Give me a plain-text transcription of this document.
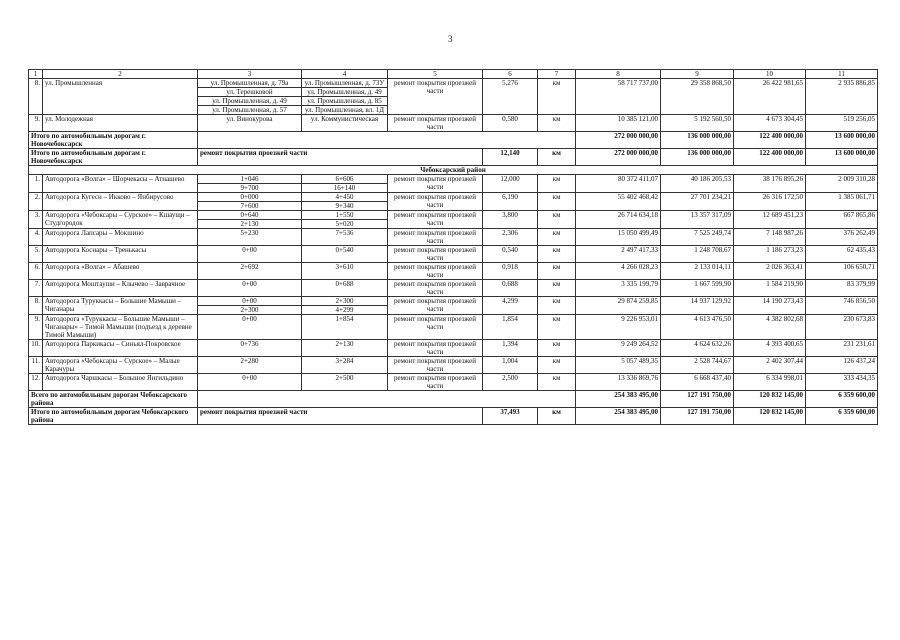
3
1	2	3	4	5	6	7	8	9	10	11
8.	ул. Промышленная	ул. Промышленная, д. 79а	ул. Промышленная, д. 73У	ремонт покрытия проезжей части	5,276	км	58 717 737,00	29 358 868,50	26 422 981,65	2 935 886,85
		ул. Терешковой	ул. Промышленная, д. 49							
		ул. Промышленная, д. 49	ул. Промышленная, д. 85							
		ул. Промышленная, д. 57	ул. Промышленная, вл. 1Д							
9.	ул. Молодежная	ул. Винокурова	ул. Коммунистическая	ремонт покрытия проезжей части	0,580	км	10 385 121,00	5 192 560,50	4 673 304,45	519 256,05
Итого по автомобильным дорогам г. Новочебоксарск							272 000 000,00	136 000 000,00	122 400 000,00	13 600 000,00
Итого по автомобильным дорогам г. Новочебоксарск		ремонт покрытия проезжей части			12,140	км	272 000 000,00	136 000 000,00	122 400 000,00	13 600 000,00
Чебоксарский район										
1.	Автодорога «Волга» – Шорчекасы – Атнашево	1+046	6+606	ремонт покрытия проезжей части	12,000	км	80 372 411,07	40 186 205,53	38 176 895,26	2 009 310,28
		9+700	16+140							
2.	Автодорога Кугеси – Икково – Янбирусово	0+000	4+450	ремонт покрытия проезжей части	6,190	км	55 402 468,42	27 701 234,21	26 316 172,50	1 385 061,71
		7+600	9+340							
3.	Автодорога «Чебоксары – Сурское» – Кшаущи – Студгородок	0+640	1+550	ремонт покрытия проезжей части	3,800	км	26 714 634,18	13 357 317,09	12 689 451,23	667 865,86
		2+130	5+020							
4.	Автодорога Лапсары – Мокшино	5+230	7+536	ремонт покрытия проезжей части	2,306	км	15 050 499,49	7 525 249,74	7 148 987,26	376 262,49
5.	Автодорога Коснары – Тренькасы	0+00	0+540	ремонт покрытия проезжей части	0,540	км	2 497 417,33	1 248 708,67	1 186 273,23	62 435,43
6.	Автодорога «Волга» – Абашево	2+692	3+610	ремонт покрытия проезжей части	0,918	км	4 266 028,23	2 133 014,11	2 026 363,41	106 650,71
7.	Автодорога Моштауши – Клычево – Заврачное	0+00	0+688	ремонт покрытия проезжей части	0,688	км	3 335 199,79	1 667 599,90	1 584 219,90	83 379,99
8.	Автодорога Туруккасы – Большие Мамыши – Чиганары	0+00	2+300	ремонт покрытия проезжей части	4,299	км	29 874 259,85	14 937 129,92	14 190 273,43	746 856,50
		2+300	4+299							
9.	Автодорога «Туруккасы – Большие Мамыши – Чиганары» – Тимой Мамыши (подъезд к деревне Тимой Мамыши)	0+00	1+854	ремонт покрытия проезжей части	1,854	км	9 226 953,01	4 613 476,50	4 382 802,68	230 673,83
10.	Автодорога Паркикасы – Синьял-Покровское	0+736	2+130	ремонт покрытия проезжей части	1,394	км	9 249 264,52	4 624 632,26	4 393 400,65	231 231,61
11.	Автодорога «Чебоксары – Сурское» – Малые Карачуры	2+280	3+284	ремонт покрытия проезжей части	1,004	км	5 057 489,35	2 528 744,67	2 402 307,44	126 437,24
12.	Автодорога Чаршкасы – Большое Янгильдино	0+00	2+500	ремонт покрытия проезжей части	2,500	км	13 336 869,76	6 668 437,40	6 334 998,01	333 434,35
Всего по автомобильным дорогам Чебоксарского района							254 383 495,00	127 191 750,00	120 832 145,00	6 359 600,00
Итого по автомобильным дорогам Чебоксарского района		ремонт покрытия проезжей части			37,493	км	254 383 495,00	127 191 750,00	120 832 145,00	6 359 600,00
